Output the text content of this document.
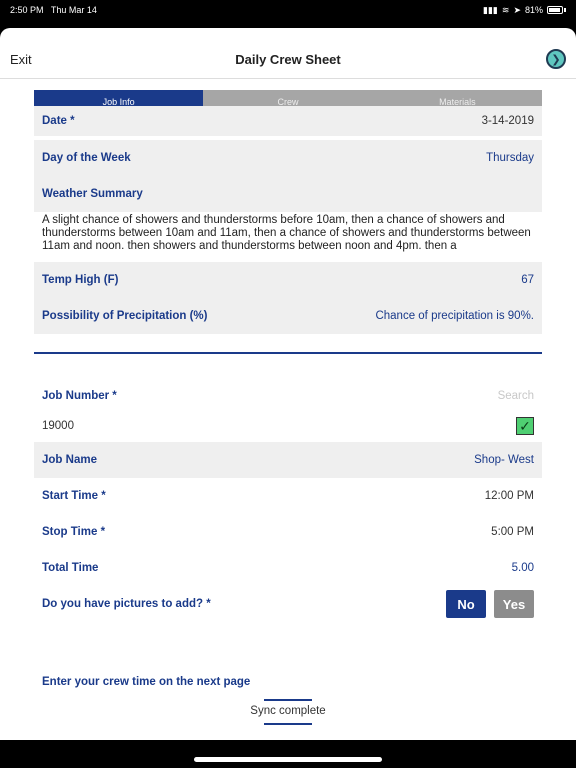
2:50 PM Thu Mar 14	▮▮▮ ≋ ➤ 81%
Exit	Daily Crew Sheet	❯
Job Info	Crew	Materials
Date *	3-14-2019
Day of the Week	Thursday
Weather Summary
A slight chance of showers and thunderstorms before 10am, then a chance of showers and thunderstorms between 10am and 11am, then a chance of showers and thunderstorms between 11am and noon. then showers and thunderstorms between noon and 4pm. then a
Temp High (F)	67
Possibility of Precipitation (%)	Chance of precipitation is 90%.
Job Number *	Search
19000	✓
Job Name	Shop- West
Start Time *	12:00 PM
Stop Time *	5:00 PM
Total Time	5.00
Do you have pictures to add? *	No	Yes
Enter your crew time on the next page
Sync complete
